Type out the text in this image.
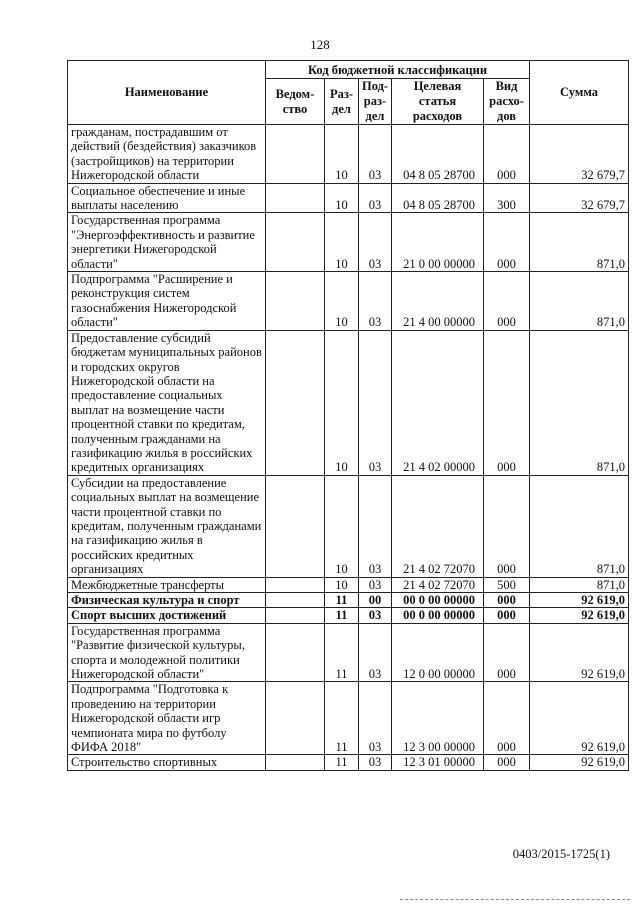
128
Наименование	Код бюджетной классификации					Сумма
	Ведом-ство	Раз-дел	Под-раз-дел	Целевая статья расходов	Вид расхо-дов	
гражданам, пострадавшим от действий (бездействия) заказчиков (застройщиков) на территории Нижегородской области		10	03	04 8 05 28700	000	32 679,7
Социальное обеспечение и иные выплаты населению		10	03	04 8 05 28700	300	32 679,7
Государственная программа "Энергоэффективность и развитие энергетики Нижегородской области"		10	03	21 0 00 00000	000	871,0
Подпрограмма "Расширение и реконструкция систем газоснабжения Нижегородской области"		10	03	21 4 00 00000	000	871,0
Предоставление субсидий бюджетам муниципальных районов и городских округов Нижегородской области на предоставление социальных выплат на возмещение части процентной ставки по кредитам, полученным гражданами на газификацию жилья в российских кредитных организациях		10	03	21 4 02 00000	000	871,0
Субсидии на предоставление социальных выплат на возмещение части процентной ставки по кредитам, полученным гражданами на газификацию жилья в российских кредитных организациях		10	03	21 4 02 72070	000	871,0
Межбюджетные трансферты		10	03	21 4 02 72070	500	871,0
Физическая культура и спорт		11	00	00 0 00 00000	000	92 619,0
Спорт высших достижений		11	03	00 0 00 00000	000	92 619,0
Государственная программа "Развитие физической культуры, спорта и молодежной политики Нижегородской области"		11	03	12 0 00 00000	000	92 619,0
Подпрограмма "Подготовка к проведению на территории Нижегородской области игр чемпионата мира по футболу ФИФА 2018"		11	03	12 3 00 00000	000	92 619,0
Строительство спортивных		11	03	12 3 01 00000	000	92 619,0
0403/2015-1725(1)
